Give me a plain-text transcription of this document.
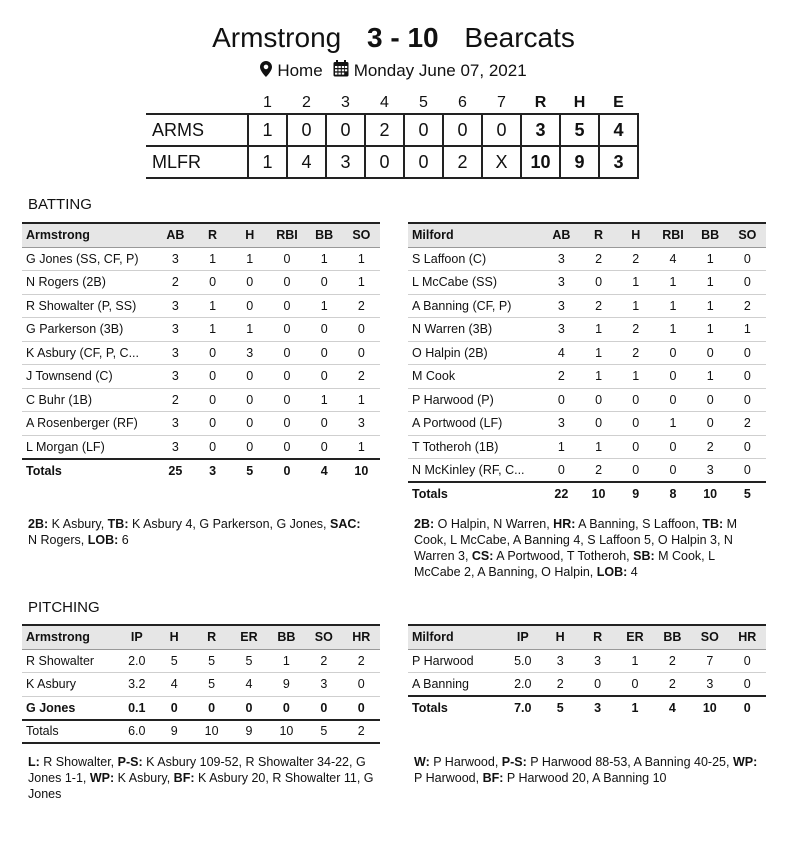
Armstrong 3 - 10 Bearcats
Home Monday June 07, 2021
	1	2	3	4	5	6	7	R	H	E
ARMS	1	0	0	2	0	0	0	3	5	4
MLFR	1	4	3	0	0	2	X	10	9	3
BATTING
Armstrong	AB	R	H	RBI	BB	SO
G Jones (SS, CF, P)	3	1	1	0	1	1
N Rogers (2B)	2	0	0	0	0	1
R Showalter (P, SS)	3	1	0	0	1	2
G Parkerson (3B)	3	1	1	0	0	0
K Asbury (CF, P, C...	3	0	3	0	0	0
J Townsend (C)	3	0	0	0	0	2
C Buhr (1B)	2	0	0	0	1	1
A Rosenberger (RF)	3	0	0	0	0	3
L Morgan (LF)	3	0	0	0	0	1
Totals	25	3	5	0	4	10
Milford	AB	R	H	RBI	BB	SO
S Laffoon (C)	3	2	2	4	1	0
L McCabe (SS)	3	0	1	1	1	0
A Banning (CF, P)	3	2	1	1	1	2
N Warren (3B)	3	1	2	1	1	1
O Halpin (2B)	4	1	2	0	0	0
M Cook	2	1	1	0	1	0
P Harwood (P)	0	0	0	0	0	0
A Portwood (LF)	3	0	0	1	0	2
T Totheroh (1B)	1	1	0	0	2	0
N McKinley (RF, C...	0	2	0	0	3	0
Totals	22	10	9	8	10	5
2B: K Asbury, TB: K Asbury 4, G Parkerson, G Jones, SAC: N Rogers, LOB: 6
2B: O Halpin, N Warren, HR: A Banning, S Laffoon, TB: M Cook, L McCabe, A Banning 4, S Laffoon 5, O Halpin 3, N Warren 3, CS: A Portwood, T Totheroh, SB: M Cook, L McCabe 2, A Banning, O Halpin, LOB: 4
PITCHING
Armstrong	IP	H	R	ER	BB	SO	HR
R Showalter	2.0	5	5	5	1	2	2
K Asbury	3.2	4	5	4	9	3	0
G Jones	0.1	0	0	0	0	0	0
Totals	6.0	9	10	9	10	5	2
Milford	IP	H	R	ER	BB	SO	HR
P Harwood	5.0	3	3	1	2	7	0
A Banning	2.0	2	0	0	2	3	0
Totals	7.0	5	3	1	4	10	0
L: R Showalter, P-S: K Asbury 109-52, R Showalter 34-22, G Jones 1-1, WP: K Asbury, BF: K Asbury 20, R Showalter 11, G Jones
W: P Harwood, P-S: P Harwood 88-53, A Banning 40-25, WP: P Harwood, BF: P Harwood 20, A Banning 10
